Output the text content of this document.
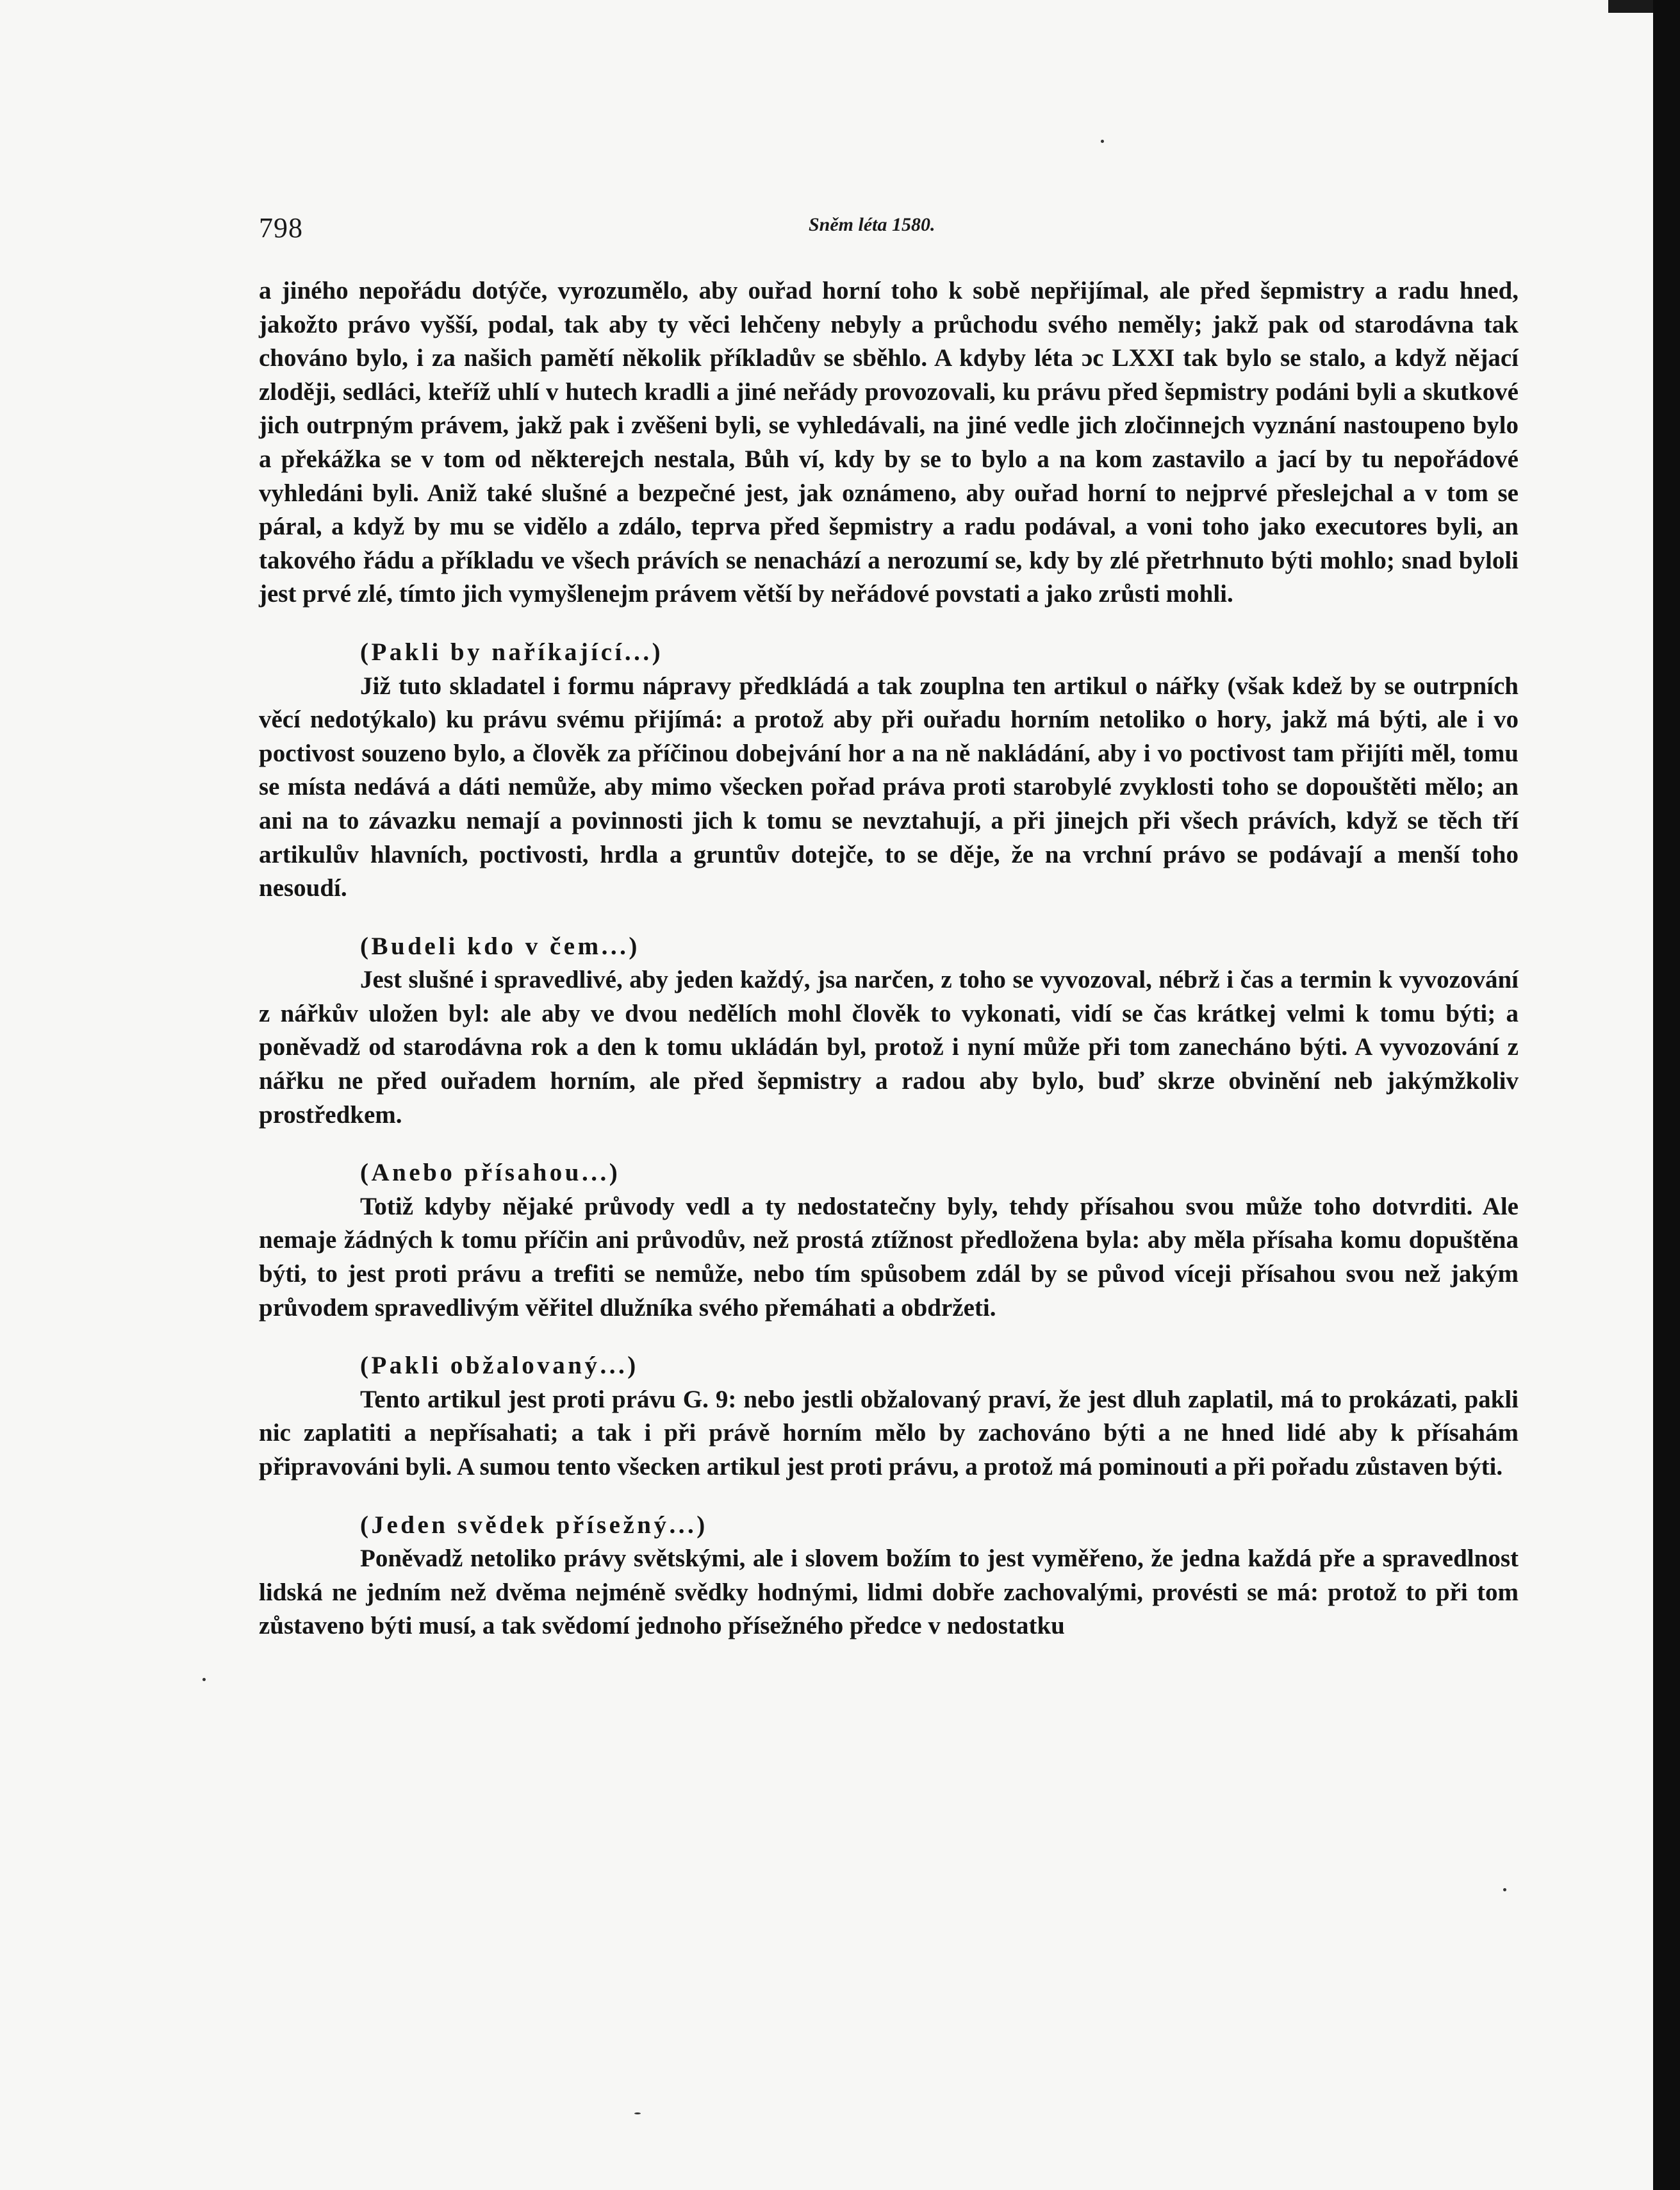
798	Sněm léta 1580.

a jiného nepořádu dotýče, vyrozumělo, aby ouřad horní toho k sobě nepřijímal, ale před šepmistry a radu hned, jakožto právo vyšší, podal, tak aby ty věci lehčeny nebyly a průchodu svého neměly; jakž pak od starodávna tak chováno bylo, i za našich pamětí několik příkladův se sběhlo. A kdyby léta ɔc LXXI tak bylo se stalo, a když nějací zloději, sedláci, kteříž uhlí v hutech kradli a jiné neřády provozovali, ku právu před šepmistry podáni byli a skutkové jich outrpným právem, jakž pak i zvěšeni byli, se vyhledávali, na jiné vedle jich zločinnejch vyznání nastoupeno bylo a překážka se v tom od některejch nestala, Bůh ví, kdy by se to bylo a na kom zastavilo a jací by tu nepořádové vyhledáni byli. Aniž také slušné a bezpečné jest, jak oznámeno, aby ouřad horní to nejprvé přeslejchal a v tom se páral, a když by mu se vidělo a zdálo, teprva před šepmistry a radu podával, a voni toho jako executores byli, an takového řádu a příkladu ve všech právích se nenachází a nerozumí se, kdy by zlé přetrhnuto býti mohlo; snad byloli jest prvé zlé, tímto jich vymyšlenejm právem větší by neřádové povstati a jako zrůsti mohli.

(Pakli by naříkající...)

Již tuto skladatel i formu nápravy předkládá a tak zouplna ten artikul o nářky (však kdež by se outrpních věcí nedotýkalo) ku právu svému přijímá: a protož aby při ouřadu horním netoliko o hory, jakž má býti, ale i vo poctivost souzeno bylo, a člověk za příčinou dobejvání hor a na ně nakládání, aby i vo poctivost tam přijíti měl, tomu se místa nedává a dáti nemůže, aby mimo všecken pořad práva proti starobylé zvyklosti toho se dopouštěti mělo; an ani na to závazku nemají a povinnosti jich k tomu se nevztahují, a při jinejch při všech právích, když se těch tří artikulův hlavních, poctivosti, hrdla a gruntův dotejče, to se děje, že na vrchní právo se podávají a menší toho nesoudí.

(Budeli kdo v čem...)

Jest slušné i spravedlivé, aby jeden každý, jsa narčen, z toho se vyvozoval, nébrž i čas a termin k vyvozování z nářkův uložen byl: ale aby ve dvou nedělích mohl člověk to vykonati, vidí se čas krátkej velmi k tomu býti; a poněvadž od starodávna rok a den k tomu ukládán byl, protož i nyní může při tom zanecháno býti. A vyvozování z nářku ne před ouřadem horním, ale před šepmistry a radou aby bylo, buď skrze obvinění neb jakýmžkoliv prostředkem.

(Anebo přísahou...)

Totiž kdyby nějaké průvody vedl a ty nedostatečny byly, tehdy přísahou svou může toho dotvrditi. Ale nemaje žádných k tomu příčin ani průvodův, než prostá ztížnost předložena byla: aby měla přísaha komu dopuštěna býti, to jest proti právu a trefiti se nemůže, nebo tím spůsobem zdál by se původ víceji přísahou svou než jakým průvodem spravedlivým věřitel dlužníka svého přemáhati a obdržeti.

(Pakli obžalovaný...)

Tento artikul jest proti právu G. 9: nebo jestli obžalovaný praví, že jest dluh zaplatil, má to prokázati, pakli nic zaplatiti a nepřísahati; a tak i při právě horním mělo by zachováno býti a ne hned lidé aby k přísahám připravováni byli. A sumou tento všecken artikul jest proti právu, a protož má pominouti a při pořadu zůstaven býti.

(Jeden svědek přísežný...)

Poněvadž netoliko právy světskými, ale i slovem božím to jest vyměřeno, že jedna každá pře a spravedlnost lidská ne jedním než dvěma nejméně svědky hodnými, lidmi dobře zachovalými, provésti se má: protož to při tom zůstaveno býti musí, a tak svědomí jednoho přísežného předce v nedostatku
